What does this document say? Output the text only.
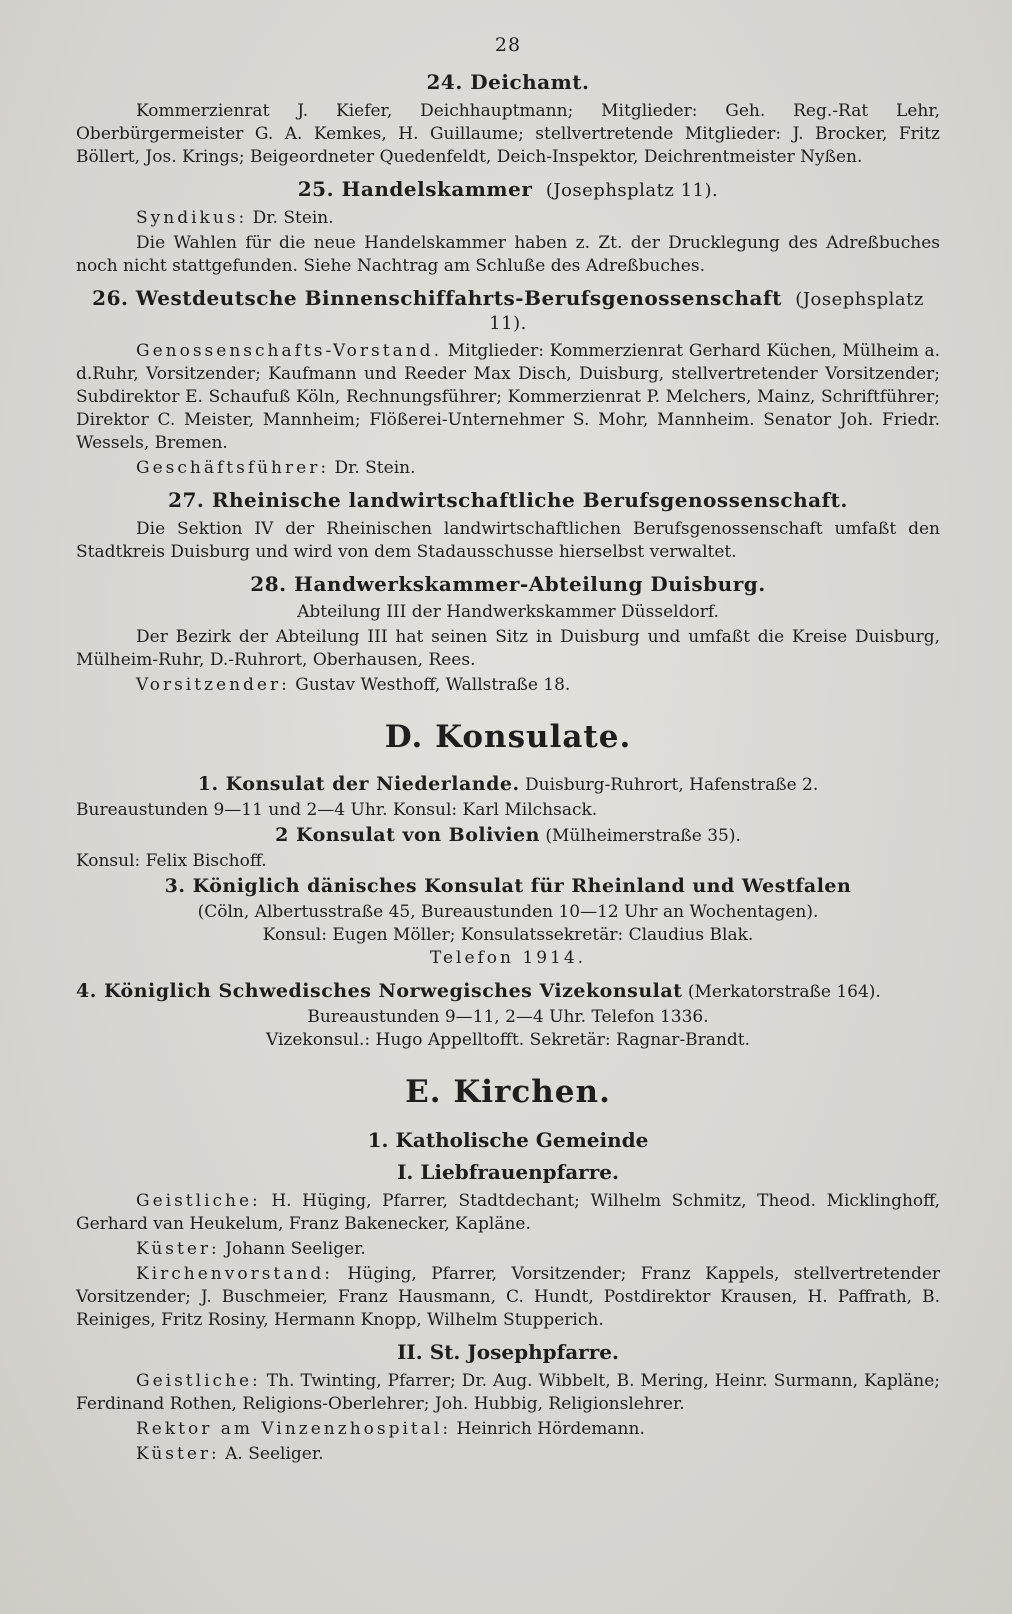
28
24. Deichamt.

Kommerzienrat J. Kiefer, Deichhauptmann; Mitglieder: Geh. Reg.-Rat Lehr, Oberbürgermeister G. A. Kemkes, H. Guillaume; stellvertretende Mitglieder: J. Brocker, Fritz Böllert, Jos. Krings; Beigeordneter Quedenfeldt, Deich-Inspektor, Deichrentmeister Nyßen.

25. Handelskammer (Josephsplatz 11).

Syndikus: Dr. Stein.

Die Wahlen für die neue Handelskammer haben z. Zt. der Drucklegung des Adreßbuches noch nicht stattgefunden. Siehe Nachtrag am Schluße des Adreßbuches.

26. Westdeutsche Binnenschiffahrts-Berufsgenossenschaft (Josephsplatz 11).

Genossenschafts-Vorstand. Mitglieder: Kommerzienrat Gerhard Küchen, Mülheim a. d.Ruhr, Vorsitzender; Kaufmann und Reeder Max Disch, Duisburg, stellvertretender Vorsitzender; Subdirektor E. Schaufuß Köln, Rechnungsführer; Kommerzienrat P. Melchers, Mainz, Schriftführer; Direktor C. Meister, Mannheim; Flößerei-Unternehmer S. Mohr, Mannheim. Senator Joh. Friedr. Wessels, Bremen.

Geschäftsführer: Dr. Stein.

27. Rheinische landwirtschaftliche Berufsgenossenschaft.

Die Sektion IV der Rheinischen landwirtschaftlichen Berufsgenossenschaft umfaßt den Stadtkreis Duisburg und wird von dem Stadausschusse hierselbst verwaltet.

28. Handwerkskammer-Abteilung Duisburg.
Abteilung III der Handwerkskammer Düsseldorf.

Der Bezirk der Abteilung III hat seinen Sitz in Duisburg und umfaßt die Kreise Duisburg, Mülheim-Ruhr, D.-Ruhrort, Oberhausen, Rees.

Vorsitzender: Gustav Westhoff, Wallstraße 18.

D. Konsulate.
1. Konsulat der Niederlande. Duisburg-Ruhrort, Hafenstraße 2.

Bureaustunden 9—11 und 2—4 Uhr. Konsul: Karl Milchsack.

2 Konsulat von Bolivien (Mülheimerstraße 35).

Konsul: Felix Bischoff.

3. Königlich dänisches Konsulat für Rheinland und Westfalen
(Cöln, Albertusstraße 45, Bureaustunden 10—12 Uhr an Wochentagen).
Konsul: Eugen Möller; Konsulatssekretär: Claudius Blak.
Telefon 1914.
4. Königlich Schwedisches Norwegisches Vizekonsulat (Merkatorstraße 164).
Bureaustunden 9—11, 2—4 Uhr. Telefon 1336.
Vizekonsul.: Hugo Appelltofft. Sekretär: Ragnar-Brandt.
E. Kirchen.
1. Katholische Gemeinde
I. Liebfrauenpfarre.

Geistliche: H. Hüging, Pfarrer, Stadtdechant; Wilhelm Schmitz, Theod. Micklinghoff, Gerhard van Heukelum, Franz Bakenecker, Kapläne.

Küster: Johann Seeliger.

Kirchenvorstand: Hüging, Pfarrer, Vorsitzender; Franz Kappels, stellvertretender Vorsitzender; J. Buschmeier, Franz Hausmann, C. Hundt, Postdirektor Krausen, H. Paffrath, B. Reiniges, Fritz Rosiny, Hermann Knopp, Wilhelm Stupperich.

II. St. Josephpfarre.

Geistliche: Th. Twinting, Pfarrer; Dr. Aug. Wibbelt, B. Mering, Heinr. Surmann, Kapläne; Ferdinand Rothen, Religions-Oberlehrer; Joh. Hubbig, Religionslehrer.

Rektor am Vinzenzhospital: Heinrich Hördemann.

Küster: A. Seeliger.
